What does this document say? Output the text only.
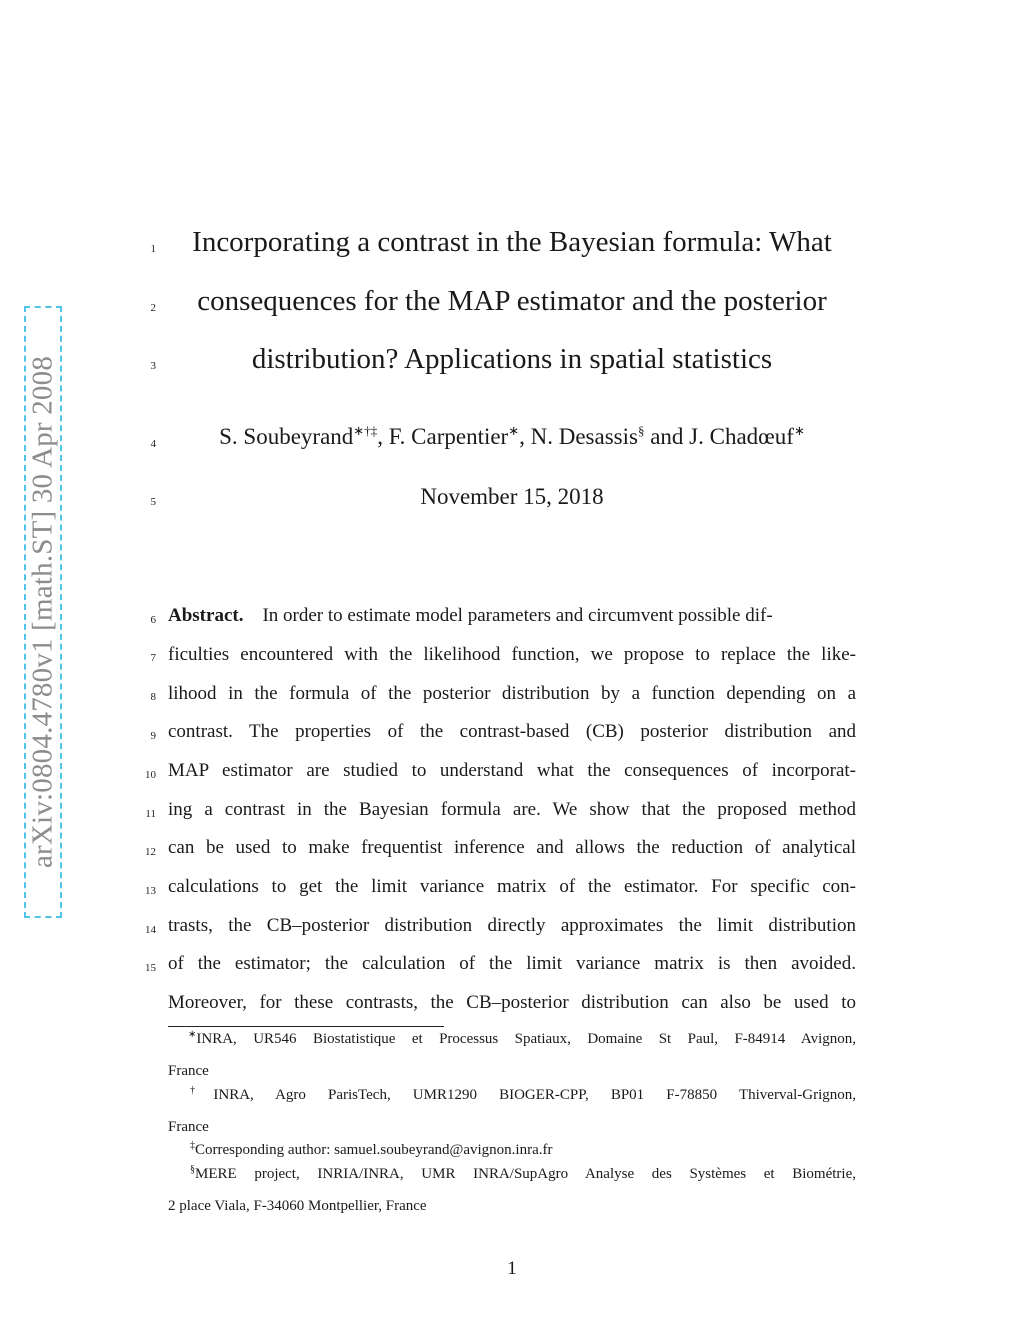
arXiv:0804.4780v1 [math.ST] 30 Apr 2008
1
2
3
4
5
6
7
8
9
10
11
12
13
14
15
Incorporating a contrast in the Bayesian formula: What
consequences for the MAP estimator and the posterior
distribution? Applications in spatial statistics
S. Soubeyrand∗†‡, F. Carpentier∗, N. Desassis§ and J. Chadœuf∗
November 15, 2018
Abstract. In order to estimate model parameters and circumvent possible dif-
ficulties encountered with the likelihood function, we propose to replace the like-
lihood in the formula of the posterior distribution by a function depending on a
contrast. The properties of the contrast-based (CB) posterior distribution and
MAP estimator are studied to understand what the consequences of incorporat-
ing a contrast in the Bayesian formula are. We show that the proposed method
can be used to make frequentist inference and allows the reduction of analytical
calculations to get the limit variance matrix of the estimator. For specific con-
trasts, the CB–posterior distribution directly approximates the limit distribution
of the estimator; the calculation of the limit variance matrix is then avoided.
Moreover, for these contrasts, the CB–posterior distribution can also be used to
∗INRA, UR546 Biostatistique et Processus Spatiaux, Domaine St Paul, F-84914 Avignon,
France
†INRA, Agro ParisTech, UMR1290 BIOGER-CPP, BP01 F-78850 Thiverval-Grignon,
France
‡Corresponding author: samuel.soubeyrand@avignon.inra.fr
§MERE project, INRIA/INRA, UMR INRA/SupAgro Analyse des Systèmes et Biométrie,
2 place Viala, F-34060 Montpellier, France
1
